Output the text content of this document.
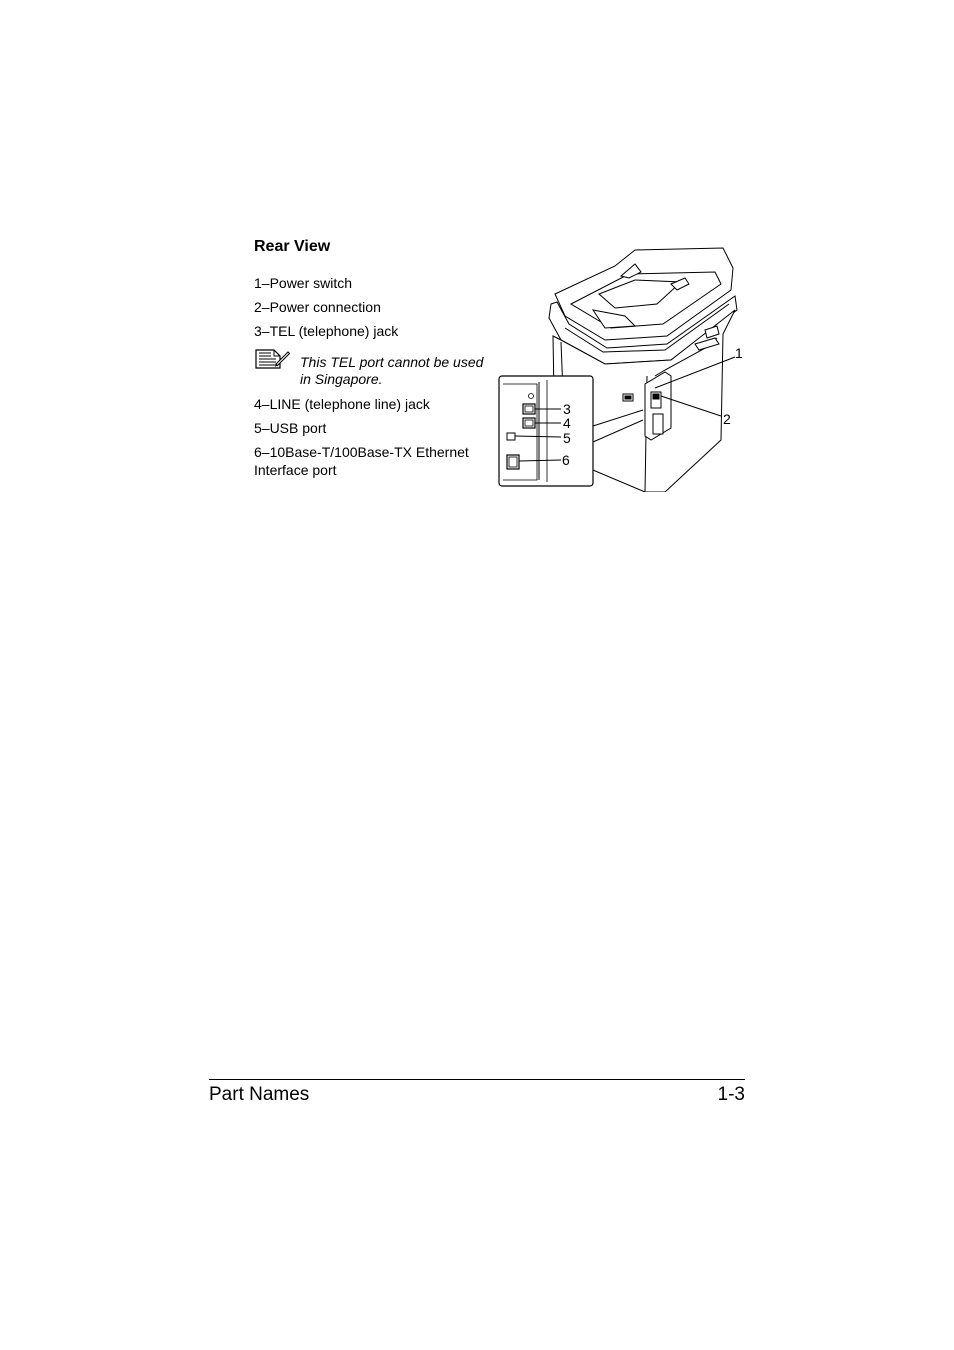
Rear View
1–Power switch
2–Power connection
3–TEL (telephone) jack
4–LINE (telephone line) jack
5–USB port
6–10Base-T/100Base-TX Ethernet Interface port
This TEL port cannot be used in Singapore.
1
2
3
4
5
6
Part Names	1-3
